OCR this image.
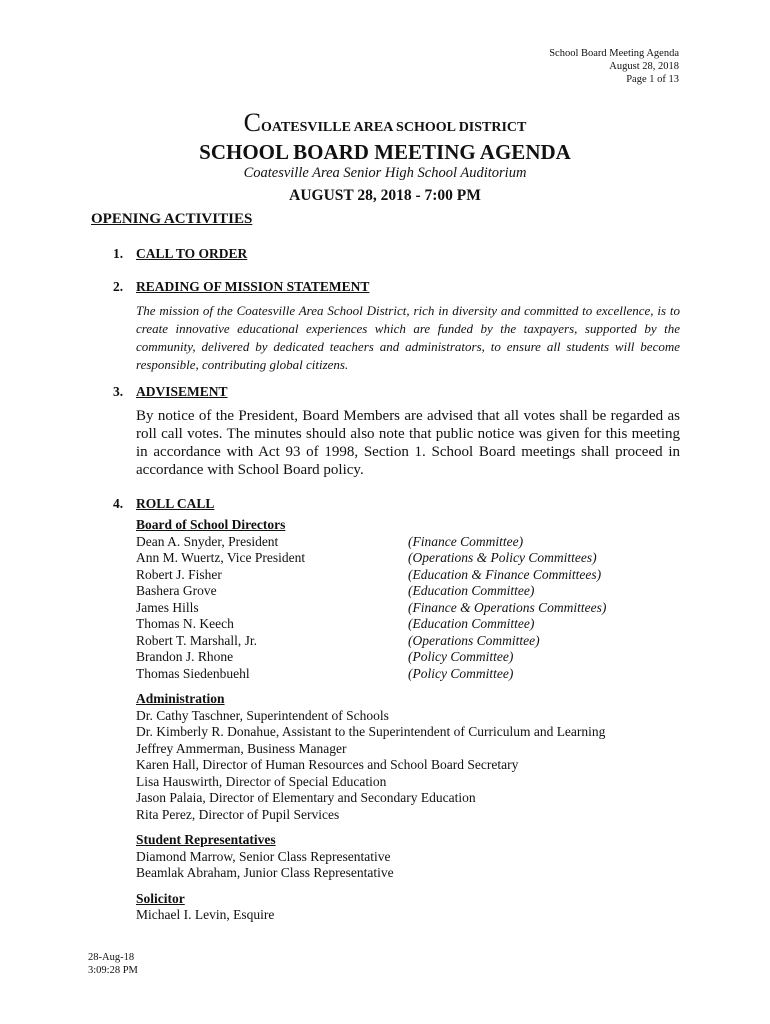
School Board Meeting Agenda
August 28, 2018
Page 1 of 13
COATESVILLE AREA SCHOOL DISTRICT
SCHOOL BOARD MEETING AGENDA
Coatesville Area Senior High School Auditorium
AUGUST 28, 2018 - 7:00 PM
OPENING ACTIVITIES
1. CALL TO ORDER
2. READING OF MISSION STATEMENT
The mission of the Coatesville Area School District, rich in diversity and committed to excellence, is to create innovative educational experiences which are funded by the taxpayers, supported by the community, delivered by dedicated teachers and administrators, to ensure all students will become responsible, contributing global citizens.
3. ADVISEMENT
By notice of the President, Board Members are advised that all votes shall be regarded as roll call votes. The minutes should also note that public notice was given for this meeting in accordance with Act 93 of 1998, Section 1. School Board meetings shall proceed in accordance with School Board policy.
4. ROLL CALL
Board of School Directors
Dean A. Snyder, President	(Finance Committee)
Ann M. Wuertz, Vice President	(Operations & Policy Committees)
Robert J. Fisher	(Education & Finance Committees)
Bashera Grove	(Education Committee)
James Hills	(Finance & Operations Committees)
Thomas N. Keech	(Education Committee)
Robert T. Marshall, Jr.	(Operations Committee)
Brandon J. Rhone	(Policy Committee)
Thomas Siedenbuehl	(Policy Committee)
Administration
Dr. Cathy Taschner, Superintendent of Schools
Dr. Kimberly R. Donahue, Assistant to the Superintendent of Curriculum and Learning
Jeffrey Ammerman, Business Manager
Karen Hall, Director of Human Resources and School Board Secretary
Lisa Hauswirth, Director of Special Education
Jason Palaia, Director of Elementary and Secondary Education
Rita Perez, Director of Pupil Services
Student Representatives
Diamond Marrow, Senior Class Representative
Beamlak Abraham, Junior Class Representative
Solicitor
Michael I. Levin, Esquire
28-Aug-18
3:09:28 PM
